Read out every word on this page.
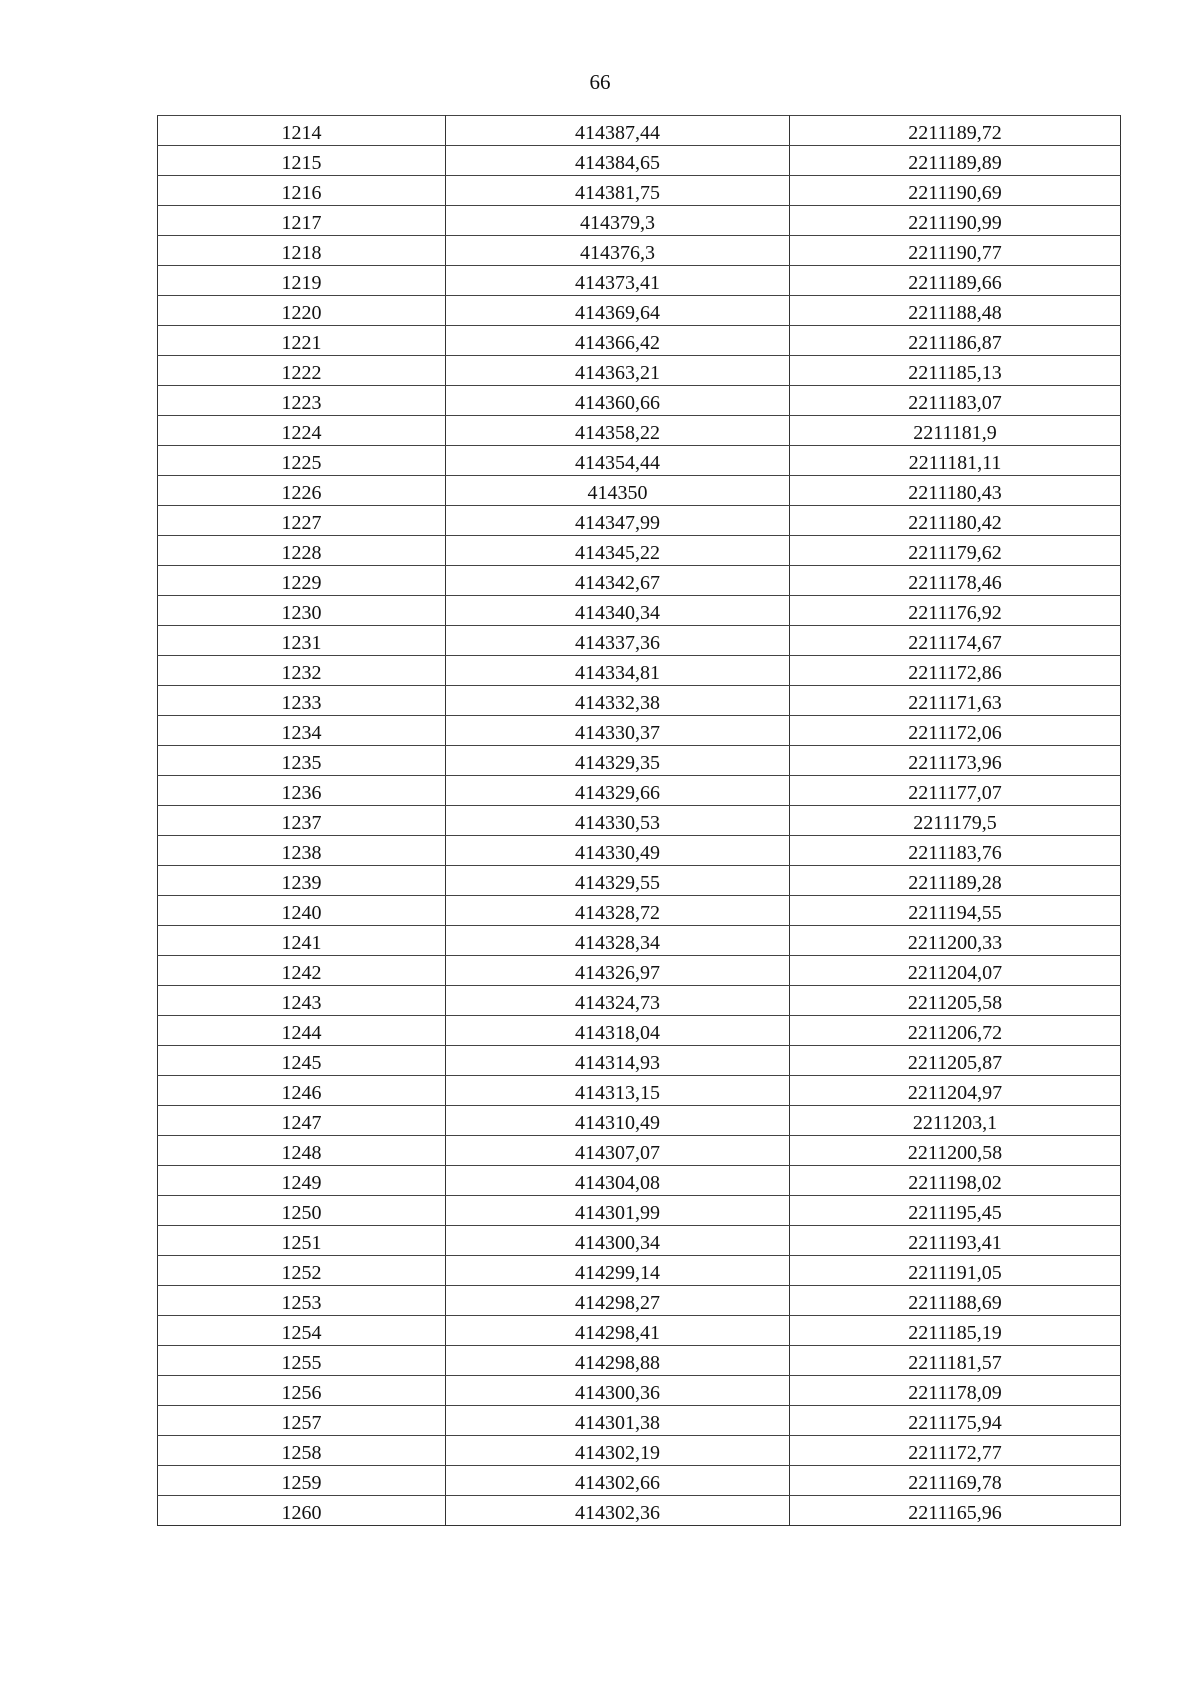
66
1214	414387,44	2211189,72
1215	414384,65	2211189,89
1216	414381,75	2211190,69
1217	414379,3	2211190,99
1218	414376,3	2211190,77
1219	414373,41	2211189,66
1220	414369,64	2211188,48
1221	414366,42	2211186,87
1222	414363,21	2211185,13
1223	414360,66	2211183,07
1224	414358,22	2211181,9
1225	414354,44	2211181,11
1226	414350	2211180,43
1227	414347,99	2211180,42
1228	414345,22	2211179,62
1229	414342,67	2211178,46
1230	414340,34	2211176,92
1231	414337,36	2211174,67
1232	414334,81	2211172,86
1233	414332,38	2211171,63
1234	414330,37	2211172,06
1235	414329,35	2211173,96
1236	414329,66	2211177,07
1237	414330,53	2211179,5
1238	414330,49	2211183,76
1239	414329,55	2211189,28
1240	414328,72	2211194,55
1241	414328,34	2211200,33
1242	414326,97	2211204,07
1243	414324,73	2211205,58
1244	414318,04	2211206,72
1245	414314,93	2211205,87
1246	414313,15	2211204,97
1247	414310,49	2211203,1
1248	414307,07	2211200,58
1249	414304,08	2211198,02
1250	414301,99	2211195,45
1251	414300,34	2211193,41
1252	414299,14	2211191,05
1253	414298,27	2211188,69
1254	414298,41	2211185,19
1255	414298,88	2211181,57
1256	414300,36	2211178,09
1257	414301,38	2211175,94
1258	414302,19	2211172,77
1259	414302,66	2211169,78
1260	414302,36	2211165,96
